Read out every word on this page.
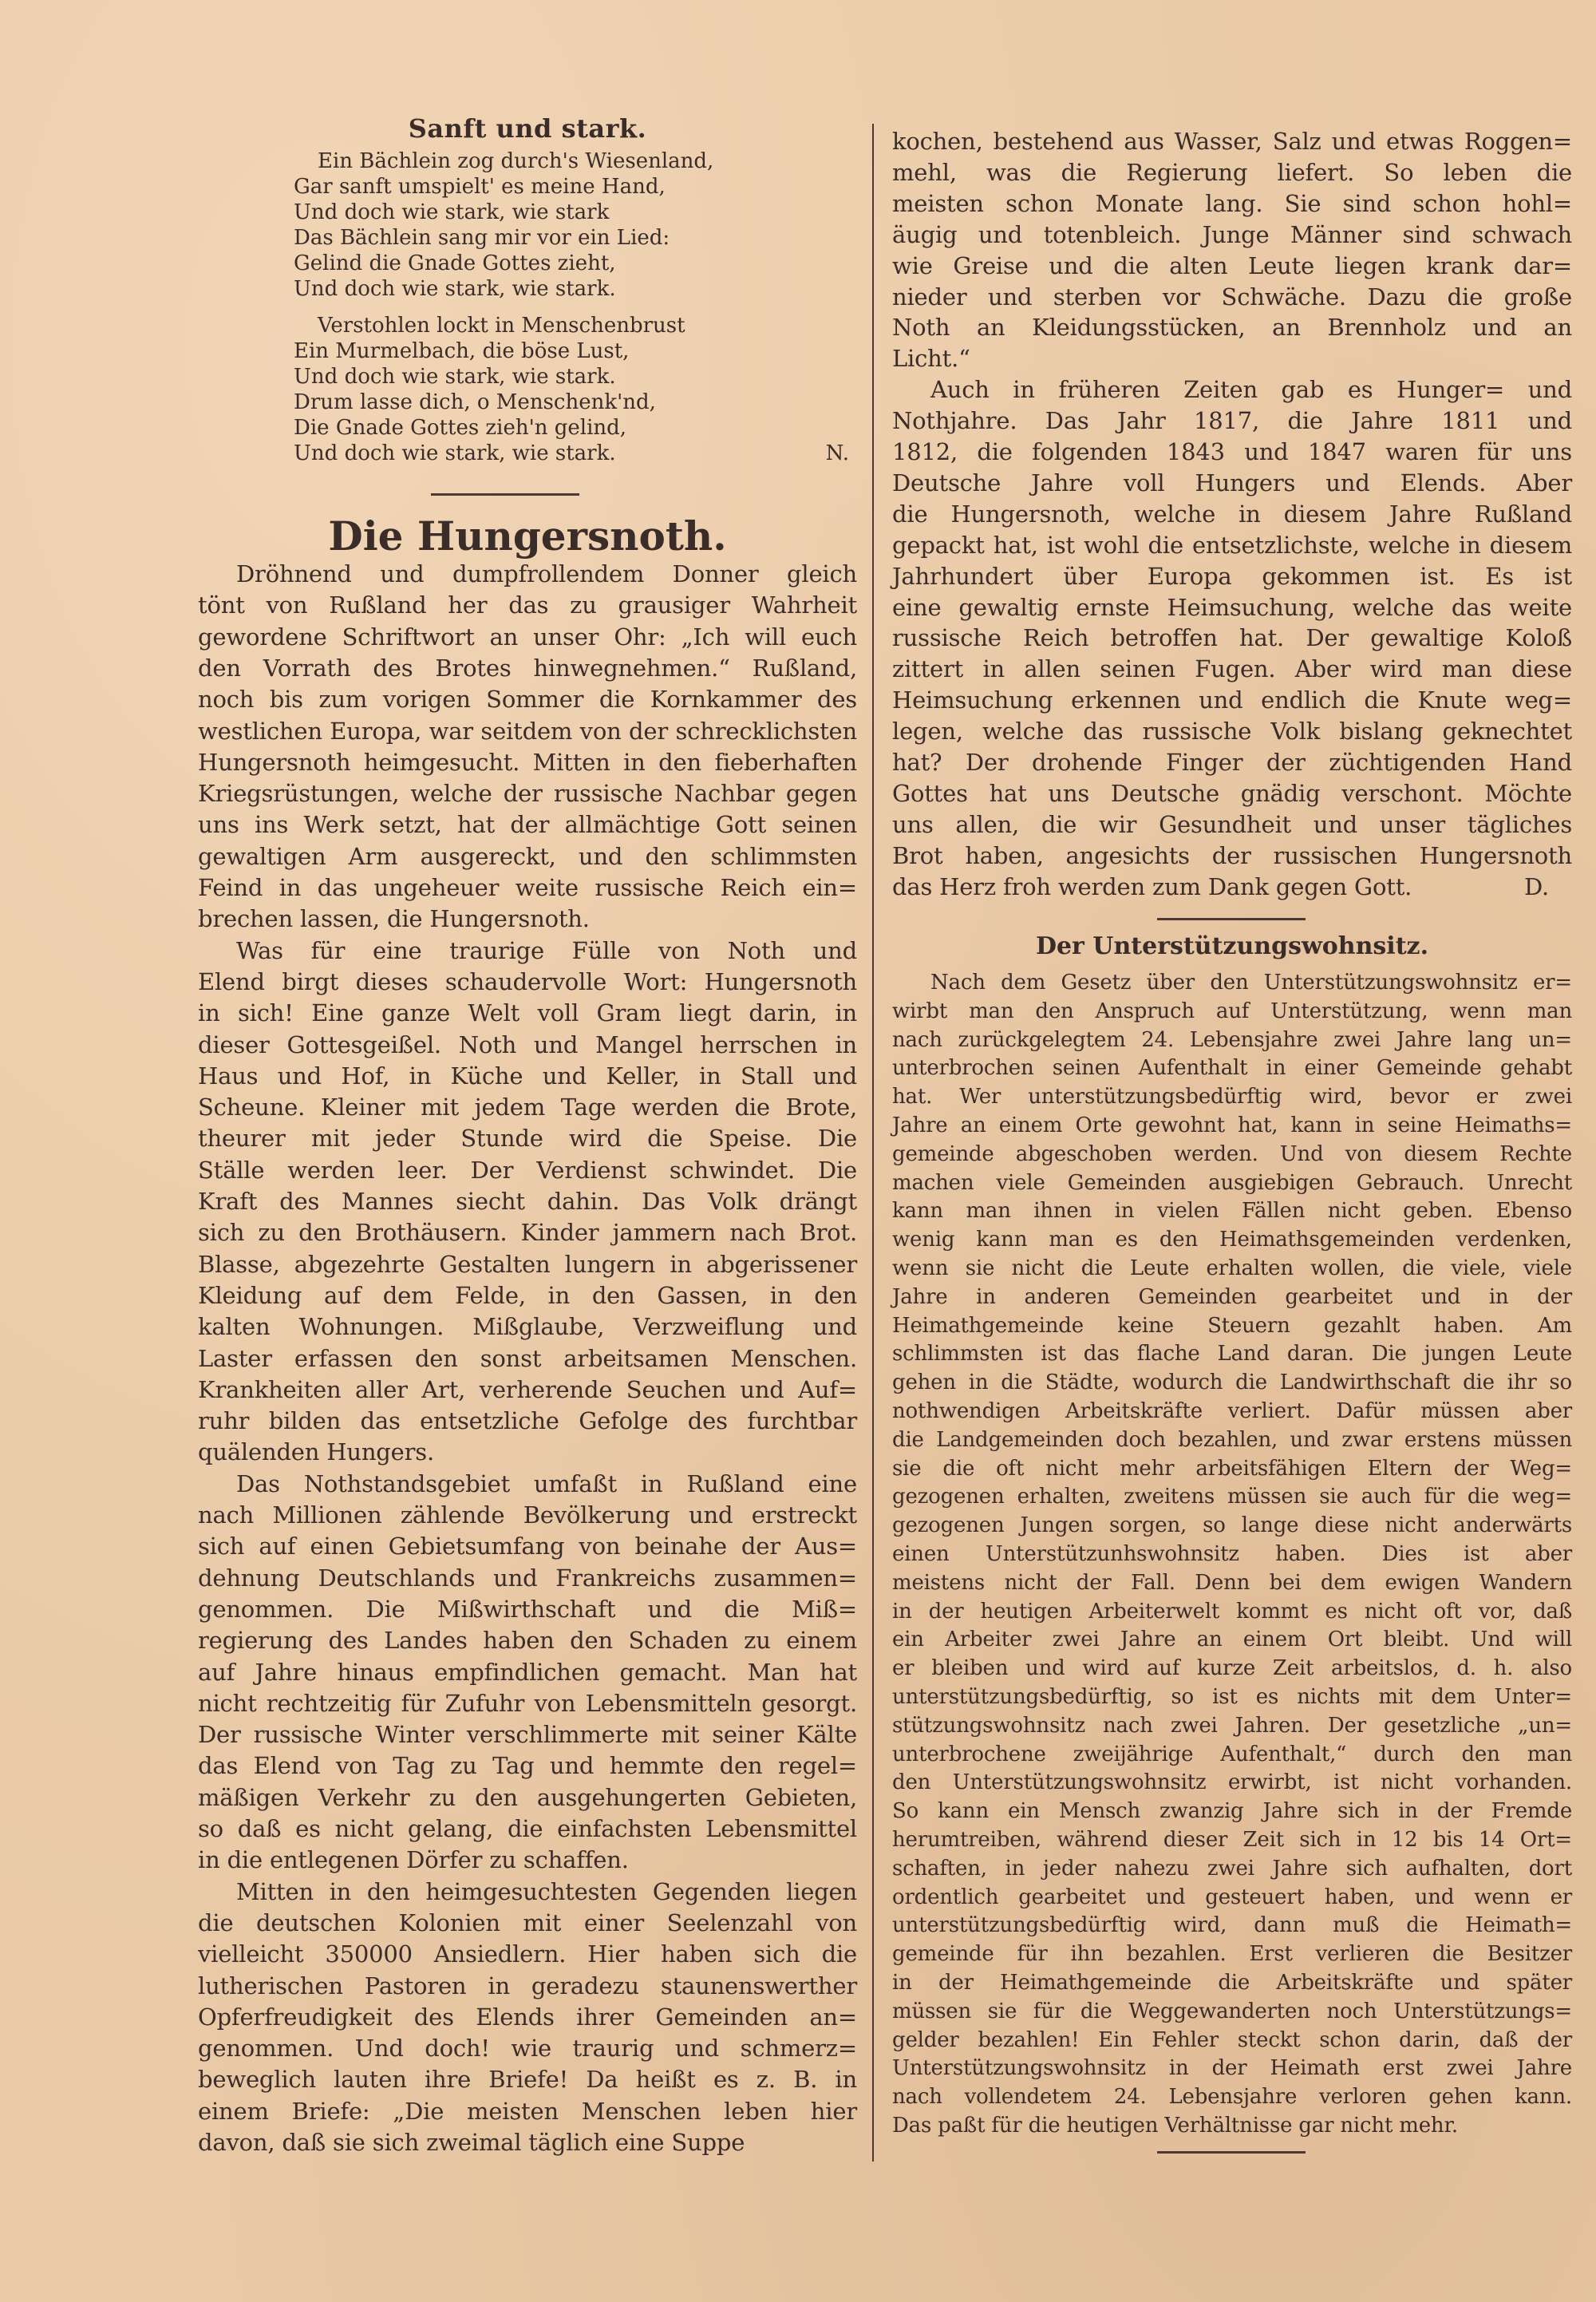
Sanft und stark.
Ein Bächlein zog durch's Wiesenland,
Gar sanft umspielt' es meine Hand,
Und doch wie stark, wie stark
Das Bächlein sang mir vor ein Lied:
Gelind die Gnade Gottes zieht,
Und doch wie stark, wie stark.
Verstohlen lockt in Menschenbrust
Ein Murmelbach, die böse Lust,
Und doch wie stark, wie stark.
Drum lasse dich, o Menschenk'nd,
Die Gnade Gottes zieh'n gelind,
Und doch wie stark, wie stark.	N.
Die Hungersnoth.
Dröhnend und dumpfrollendem Donner gleich
tönt von Rußland her das zu grausiger Wahrheit
gewordene Schriftwort an unser Ohr: „Ich will euch
den Vorrath des Brotes hinwegnehmen.“ Rußland,
noch bis zum vorigen Sommer die Kornkammer des
westlichen Europa, war seitdem von der schrecklichsten
Hungersnoth heimgesucht. Mitten in den fieberhaften
Kriegsrüstungen, welche der russische Nachbar gegen
uns ins Werk setzt, hat der allmächtige Gott seinen
gewaltigen Arm ausgereckt, und den schlimmsten
Feind in das ungeheuer weite russische Reich ein=
brechen lassen, die Hungersnoth.
Was für eine traurige Fülle von Noth und
Elend birgt dieses schaudervolle Wort: Hungersnoth
in sich! Eine ganze Welt voll Gram liegt darin, in
dieser Gottesgeißel. Noth und Mangel herrschen in
Haus und Hof, in Küche und Keller, in Stall und
Scheune. Kleiner mit jedem Tage werden die Brote,
theurer mit jeder Stunde wird die Speise. Die
Ställe werden leer. Der Verdienst schwindet. Die
Kraft des Mannes siecht dahin. Das Volk drängt
sich zu den Brothäusern. Kinder jammern nach Brot.
Blasse, abgezehrte Gestalten lungern in abgerissener
Kleidung auf dem Felde, in den Gassen, in den
kalten Wohnungen. Mißglaube, Verzweiflung und
Laster erfassen den sonst arbeitsamen Menschen.
Krankheiten aller Art, verherende Seuchen und Auf=
ruhr bilden das entsetzliche Gefolge des furchtbar
quälenden Hungers.
Das Nothstandsgebiet umfaßt in Rußland eine
nach Millionen zählende Bevölkerung und erstreckt
sich auf einen Gebietsumfang von beinahe der Aus=
dehnung Deutschlands und Frankreichs zusammen=
genommen. Die Mißwirthschaft und die Miß=
regierung des Landes haben den Schaden zu einem
auf Jahre hinaus empfindlichen gemacht. Man hat
nicht rechtzeitig für Zufuhr von Lebensmitteln gesorgt.
Der russische Winter verschlimmerte mit seiner Kälte
das Elend von Tag zu Tag und hemmte den regel=
mäßigen Verkehr zu den ausgehungerten Gebieten,
so daß es nicht gelang, die einfachsten Lebensmittel
in die entlegenen Dörfer zu schaffen.
Mitten in den heimgesuchtesten Gegenden liegen
die deutschen Kolonien mit einer Seelenzahl von
vielleicht 350000 Ansiedlern. Hier haben sich die
lutherischen Pastoren in geradezu staunenswerther
Opferfreudigkeit des Elends ihrer Gemeinden an=
genommen. Und doch! wie traurig und schmerz=
beweglich lauten ihre Briefe! Da heißt es z. B. in
einem Briefe: „Die meisten Menschen leben hier
davon, daß sie sich zweimal täglich eine Suppe
kochen, bestehend aus Wasser, Salz und etwas Roggen=
mehl, was die Regierung liefert. So leben die
meisten schon Monate lang. Sie sind schon hohl=
äugig und totenbleich. Junge Männer sind schwach
wie Greise und die alten Leute liegen krank dar=
nieder und sterben vor Schwäche. Dazu die große
Noth an Kleidungsstücken, an Brennholz und an
Licht.“
Auch in früheren Zeiten gab es Hunger= und
Nothjahre. Das Jahr 1817, die Jahre 1811 und
1812, die folgenden 1843 und 1847 waren für uns
Deutsche Jahre voll Hungers und Elends. Aber
die Hungersnoth, welche in diesem Jahre Rußland
gepackt hat, ist wohl die entsetzlichste, welche in diesem
Jahrhundert über Europa gekommen ist. Es ist
eine gewaltig ernste Heimsuchung, welche das weite
russische Reich betroffen hat. Der gewaltige Koloß
zittert in allen seinen Fugen. Aber wird man diese
Heimsuchung erkennen und endlich die Knute weg=
legen, welche das russische Volk bislang geknechtet
hat? Der drohende Finger der züchtigenden Hand
Gottes hat uns Deutsche gnädig verschont. Möchte
uns allen, die wir Gesundheit und unser tägliches
Brot haben, angesichts der russischen Hungersnoth
das Herz froh werden zum Dank gegen Gott.	D.
Der Unterstützungswohnsitz.
Nach dem Gesetz über den Unterstützungswohnsitz er=
wirbt man den Anspruch auf Unterstützung, wenn man
nach zurückgelegtem 24. Lebensjahre zwei Jahre lang un=
unterbrochen seinen Aufenthalt in einer Gemeinde gehabt
hat. Wer unterstützungsbedürftig wird, bevor er zwei
Jahre an einem Orte gewohnt hat, kann in seine Heimaths=
gemeinde abgeschoben werden. Und von diesem Rechte
machen viele Gemeinden ausgiebigen Gebrauch. Unrecht
kann man ihnen in vielen Fällen nicht geben. Ebenso
wenig kann man es den Heimathsgemeinden verdenken,
wenn sie nicht die Leute erhalten wollen, die viele, viele
Jahre in anderen Gemeinden gearbeitet und in der
Heimathgemeinde keine Steuern gezahlt haben. Am
schlimmsten ist das flache Land daran. Die jungen Leute
gehen in die Städte, wodurch die Landwirthschaft die ihr so
nothwendigen Arbeitskräfte verliert. Dafür müssen aber
die Landgemeinden doch bezahlen, und zwar erstens müssen
sie die oft nicht mehr arbeitsfähigen Eltern der Weg=
gezogenen erhalten, zweitens müssen sie auch für die weg=
gezogenen Jungen sorgen, so lange diese nicht anderwärts
einen Unterstützunhswohnsitz haben. Dies ist aber
meistens nicht der Fall. Denn bei dem ewigen Wandern
in der heutigen Arbeiterwelt kommt es nicht oft vor, daß
ein Arbeiter zwei Jahre an einem Ort bleibt. Und will
er bleiben und wird auf kurze Zeit arbeitslos, d. h. also
unterstützungsbedürftig, so ist es nichts mit dem Unter=
stützungswohnsitz nach zwei Jahren. Der gesetzliche „un=
unterbrochene zweijährige Aufenthalt,“ durch den man
den Unterstützungswohnsitz erwirbt, ist nicht vorhanden.
So kann ein Mensch zwanzig Jahre sich in der Fremde
herumtreiben, während dieser Zeit sich in 12 bis 14 Ort=
schaften, in jeder nahezu zwei Jahre sich aufhalten, dort
ordentlich gearbeitet und gesteuert haben, und wenn er
unterstützungsbedürftig wird, dann muß die Heimath=
gemeinde für ihn bezahlen. Erst verlieren die Besitzer
in der Heimathgemeinde die Arbeitskräfte und später
müssen sie für die Weggewanderten noch Unterstützungs=
gelder bezahlen! Ein Fehler steckt schon darin, daß der
Unterstützungswohnsitz in der Heimath erst zwei Jahre
nach vollendetem 24. Lebensjahre verloren gehen kann.
Das paßt für die heutigen Verhältnisse gar nicht mehr.
